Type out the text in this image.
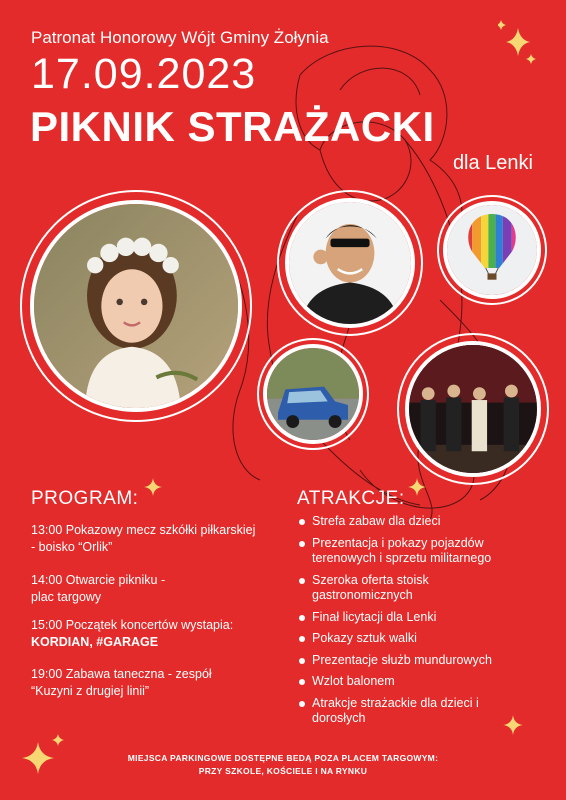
Patronat Honorowy Wójt Gminy Żołynia
17.09.2023
PIKNIK STRAŻACKI
dla Lenki
PROGRAM:
13:00 Pokazowy mecz szkółki piłkarskiej - boisko “Orlik”
14:00 Otwarcie pikniku - plac targowy
15:00 Początek koncertów wystapia: KORDIAN, #GARAGE
19:00 Zabawa taneczna - zespół “Kuzyni z drugiej linii”
ATRAKCJE:
Strefa zabaw dla dzieci
Prezentacja i pokazy pojazdów terenowych i sprzetu militarnego
Szeroka oferta stoisk gastronomicznych
Finał licytacji dla Lenki
Pokazy sztuk walki
Prezentacje służb mundurowych
Wzlot balonem
Atrakcje strażackie dla dzieci i dorosłych
MIEJSCA PARKINGOWE DOSTĘPNE BEDĄ POZA PLACEM TARGOWYM:
PRZY SZKOLE, KOŚCIELE I NA RYNKU
